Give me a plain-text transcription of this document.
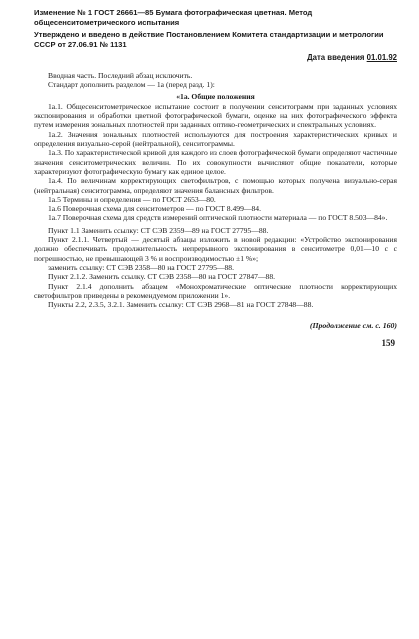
Изменение № 1 ГОСТ 26661—85 Бумага фотографическая цветная. Метод общесенситометрического испытания

Утверждено и введено в действие Постановлением Комитета стандартизации и метрологии СССР от 27.06.91 № 1131

Дата введения 01.01.92

Вводная часть. Последний абзац исключить.

Стандарт дополнить разделом — 1а (перед разд. 1):

«1а. Общие положения

1а.1. Общесенситометрическое испытание состоит в получении сенситограмм при заданных условиях экспонирования и обработки цветной фотографической бумаги, оценке на них фотографического эффекта путем измерения зональных плотностей при заданных оптико-геометрических и спектральных условиях.

1а.2. Значения зональных плотностей используются для построения характеристических кривых и определения визуально-серой (нейтральной), сенситограммы.

1а.3. По характеристической кривой для каждого из слоев фотографической бумаги определяют частичные значения сенситометрических величин. По их совокупности вычисляют общие показатели, которые характеризуют фотографическую бумагу как единое целое.

1а.4. По величинам корректирующих светофильтров, с помощью которых получена визуально-серая (нейтральная) сенситограмма, определяют значения балансных фильтров.

1а.5 Термины и определения — по ГОСТ 2653—80.

1а.6 Поверочная схема для сенситометров — по ГОСТ 8.499—84.

1а.7 Поверочная схема для средств измерений оптической плотности материала — по ГОСТ 8.503—84».

Пункт 1.1 Заменить ссылку: СТ СЭВ 2359—89 на ГОСТ 27795—88.

Пункт 2.1.1. Четвертый — десятый абзацы изложить в новой редакции: «Устройство экспонирования должно обеспечивать продолжительность непрерывного экспонирования в сенситометре 0,01—10 с с погрешностью, не превышающей 3 % и воспроизводимостью ±1 %»;

заменить ссылку: СТ СЭВ 2358—80 на ГОСТ 27795—88.

Пункт 2.1.2. Заменить ссылку. СТ СЭВ 2358—80 на ГОСТ 27847—88.

Пункт 2.1.4 дополнить абзацем «Монохроматические оптические плотности корректирующих светофильтров приведены в рекомендуемом приложении 1».

Пункты 2.2, 2.3.5, 3.2.1. Заменить ссылку: СТ СЭВ 2968—81 на ГОСТ 27848—88.

(Продолжение см. с. 160)
159
